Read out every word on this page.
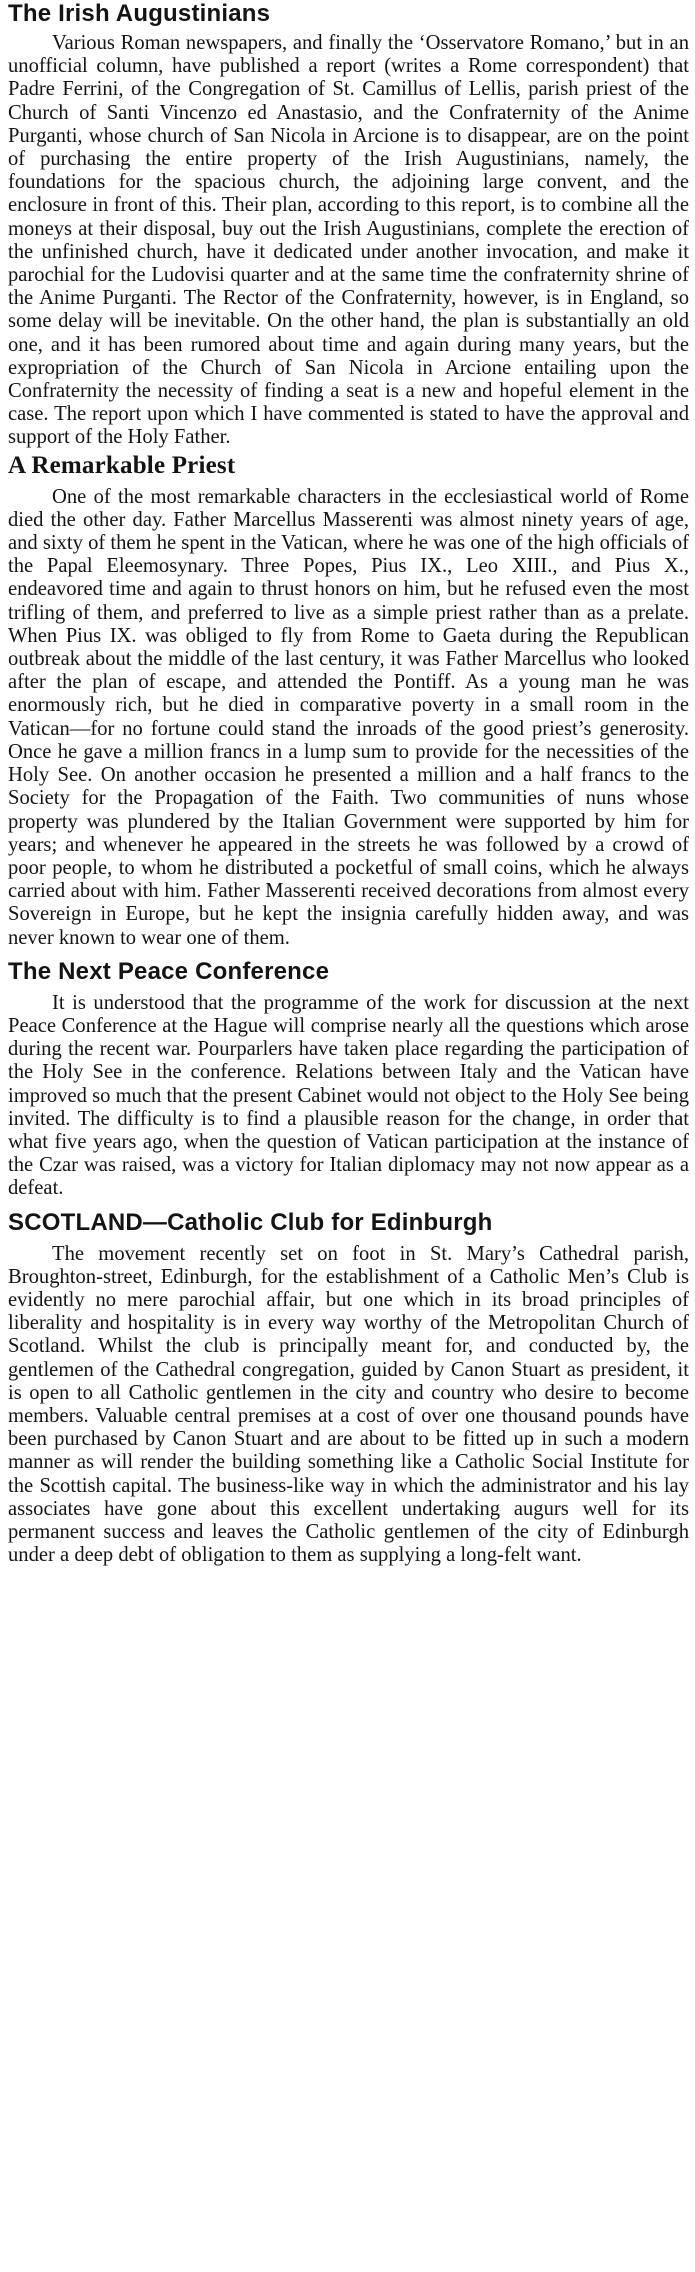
The Irish Augustinians

Various Roman newspapers, and finally the ‘Osservatore Romano,’ but in an unofficial column, have published a report (writes a Rome correspondent) that Padre Ferrini, of the Congregation of St. Camillus of Lellis, parish priest of the Church of Santi Vincenzo ed Anastasio, and the Confraternity of the Anime Purganti, whose church of San Nicola in Arcione is to disappear, are on the point of purchasing the entire property of the Irish Augustinians, namely, the foundations for the spacious church, the adjoining large convent, and the enclosure in front of this. Their plan, according to this report, is to combine all the moneys at their disposal, buy out the Irish Augustinians, complete the erection of the unfinished church, have it dedicated under another invocation, and make it parochial for the Ludovisi quarter and at the same time the confraternity shrine of the Anime Purganti. The Rector of the Confraternity, however, is in England, so some delay will be inevitable. On the other hand, the plan is substantially an old one, and it has been rumored about time and again during many years, but the expropriation of the Church of San Nicola in Arcione entailing upon the Confraternity the necessity of finding a seat is a new and hopeful element in the case. The report upon which I have commented is stated to have the approval and support of the Holy Father.

A Remarkable Priest

One of the most remarkable characters in the ecclesiastical world of Rome died the other day. Father Marcellus Masserenti was almost ninety years of age, and sixty of them he spent in the Vatican, where he was one of the high officials of the Papal Eleemosynary. Three Popes, Pius IX., Leo XIII., and Pius X., endeavored time and again to thrust honors on him, but he refused even the most trifling of them, and preferred to live as a simple priest rather than as a prelate. When Pius IX. was obliged to fly from Rome to Gaeta during the Republican outbreak about the middle of the last century, it was Father Marcellus who looked after the plan of escape, and attended the Pontiff. As a young man he was enormously rich, but he died in comparative poverty in a small room in the Vatican—for no fortune could stand the inroads of the good priest’s generosity. Once he gave a million francs in a lump sum to provide for the necessities of the Holy See. On another occasion he presented a million and a half francs to the Society for the Propagation of the Faith. Two communities of nuns whose property was plundered by the Italian Government were supported by him for years; and whenever he appeared in the streets he was followed by a crowd of poor people, to whom he distributed a pocketful of small coins, which he always carried about with him. Father Masserenti received decorations from almost every Sovereign in Europe, but he kept the insignia carefully hidden away, and was never known to wear one of them.

The Next Peace Conference

It is understood that the programme of the work for discussion at the next Peace Conference at the Hague will comprise nearly all the questions which arose during the recent war. Pourparlers have taken place regarding the participation of the Holy See in the conference. Relations between Italy and the Vatican have improved so much that the present Cabinet would not object to the Holy See being invited. The difficulty is to find a plausible reason for the change, in order that what five years ago, when the question of Vatican participation at the instance of the Czar was raised, was a victory for Italian diplomacy may not now appear as a defeat.

SCOTLAND—Catholic Club for Edinburgh

The movement recently set on foot in St. Mary’s Cathedral parish, Broughton-street, Edinburgh, for the establishment of a Catholic Men’s Club is evidently no mere parochial affair, but one which in its broad principles of liberality and hospitality is in every way worthy of the Metropolitan Church of Scotland. Whilst the club is principally meant for, and conducted by, the gentlemen of the Cathedral congregation, guided by Canon Stuart as president, it is open to all Catholic gentlemen in the city and country who desire to become members. Valuable central premises at a cost of over one thousand pounds have been purchased by Canon Stuart and are about to be fitted up in such a modern manner as will render the building something like a Catholic Social Institute for the Scottish capital. The business-like way in which the administrator and his lay associates have gone about this excellent undertaking augurs well for its permanent success and leaves the Catholic gentlemen of the city of Edinburgh under a deep debt of obligation to them as supplying a long-felt want.
